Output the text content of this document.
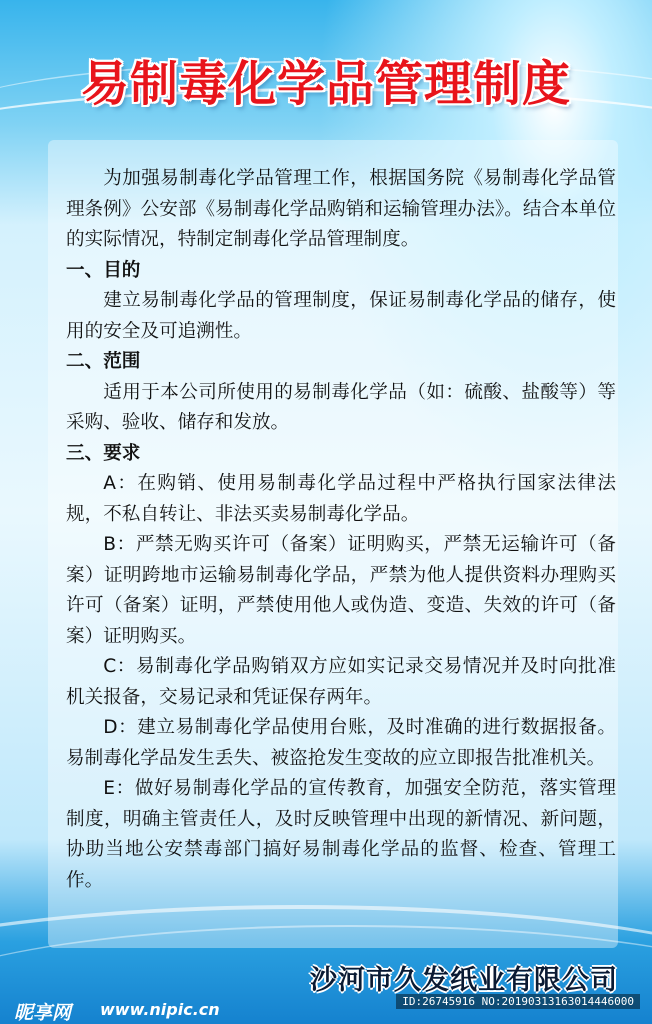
易制毒化学品管理制度

为加强易制毒化学品管理工作，根据国务院《易制毒化学品管理条例》公安部《易制毒化学品购销和运输管理办法》。结合本单位的实际情况，特制定制毒化学品管理制度。

一、目的

建立易制毒化学品的管理制度，保证易制毒化学品的储存，使用的安全及可追溯性。

二、范围

适用于本公司所使用的易制毒化学品（如：硫酸、盐酸等）等采购、验收、储存和发放。

三、要求

A：在购销、使用易制毒化学品过程中严格执行国家法律法规，不私自转让、非法买卖易制毒化学品。

B：严禁无购买许可（备案）证明购买，严禁无运输许可（备案）证明跨地市运输易制毒化学品，严禁为他人提供资料办理购买许可（备案）证明，严禁使用他人或伪造、变造、失效的许可（备案）证明购买。

C：易制毒化学品购销双方应如实记录交易情况并及时向批准机关报备，交易记录和凭证保存两年。

D：建立易制毒化学品使用台账，及时准确的进行数据报备。易制毒化学品发生丢失、被盗抢发生变故的应立即报告批准机关。

E：做好易制毒化学品的宣传教育，加强安全防范，落实管理制度，明确主管责任人，及时反映管理中出现的新情况、新问题，协助当地公安禁毒部门搞好易制毒化学品的监督、检查、管理工作。

沙河市久发纸业有限公司
昵享网 www.nipic.cn	ID:26745916 NO:20190313163014446000
